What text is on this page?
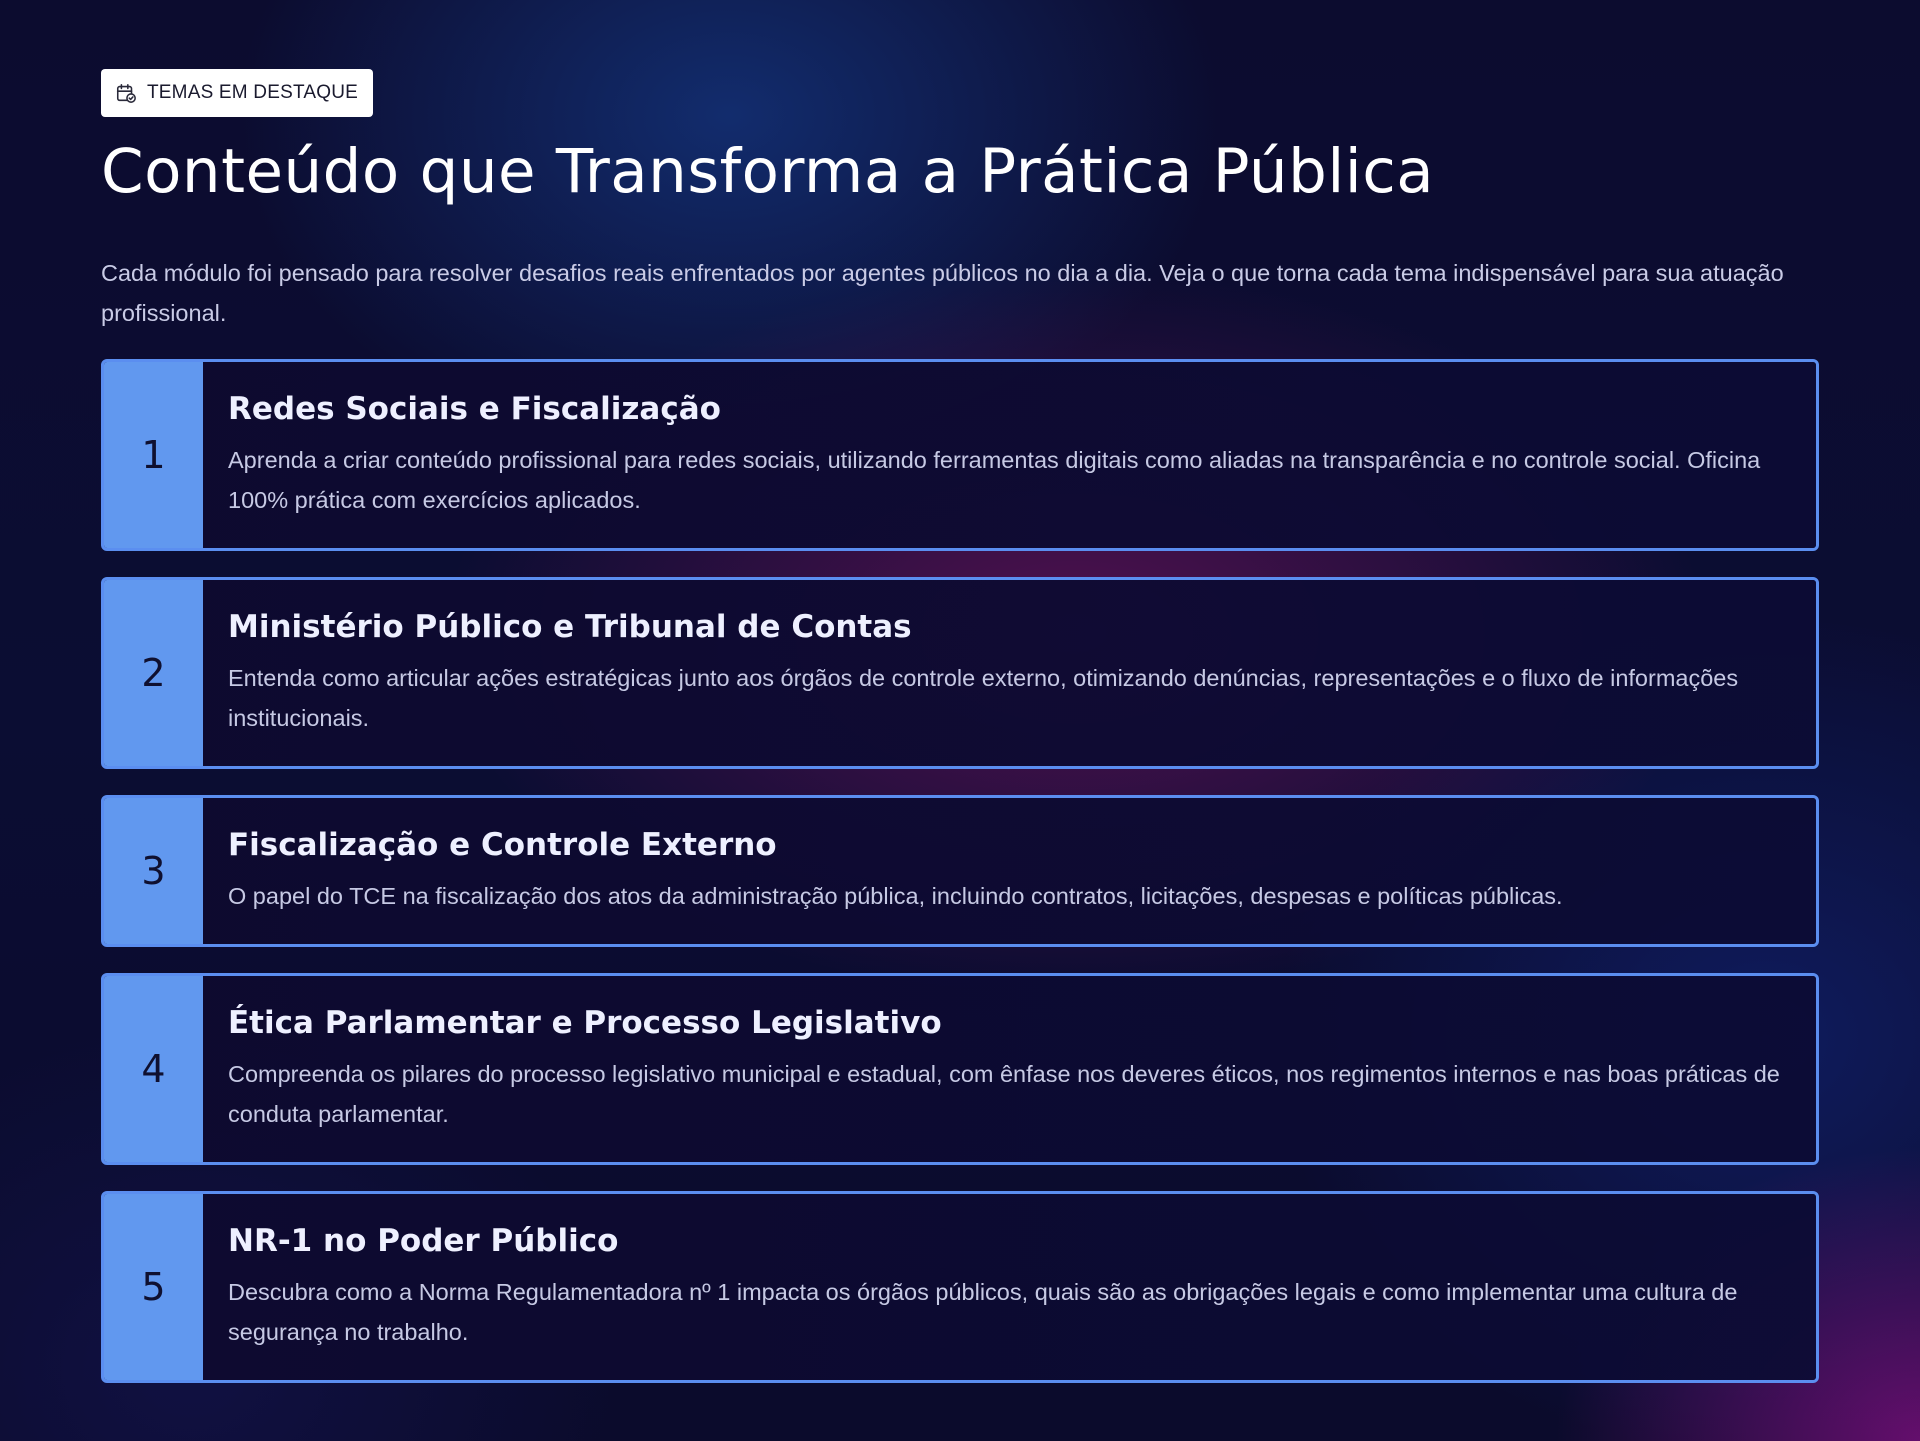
TEMAS EM DESTAQUE
Conteúdo que Transforma a Prática Pública

Cada módulo foi pensado para resolver desafios reais enfrentados por agentes públicos no dia a dia. Veja o que torna cada tema indispensável para sua atuação profissional.

1
Redes Sociais e Fiscalização

Aprenda a criar conteúdo profissional para redes sociais, utilizando ferramentas digitais como aliadas na transparência e no controle social. Oficina 100% prática com exercícios aplicados.

2
Ministério Público e Tribunal de Contas

Entenda como articular ações estratégicas junto aos órgãos de controle externo, otimizando denúncias, representações e o fluxo de informações institucionais.

3
Fiscalização e Controle Externo

O papel do TCE na fiscalização dos atos da administração pública, incluindo contratos, licitações, despesas e políticas públicas.

4
Ética Parlamentar e Processo Legislativo

Compreenda os pilares do processo legislativo municipal e estadual, com ênfase nos deveres éticos, nos regimentos internos e nas boas práticas de conduta parlamentar.

5
NR-1 no Poder Público

Descubra como a Norma Regulamentadora nº 1 impacta os órgãos públicos, quais são as obrigações legais e como implementar uma cultura de segurança no trabalho.
